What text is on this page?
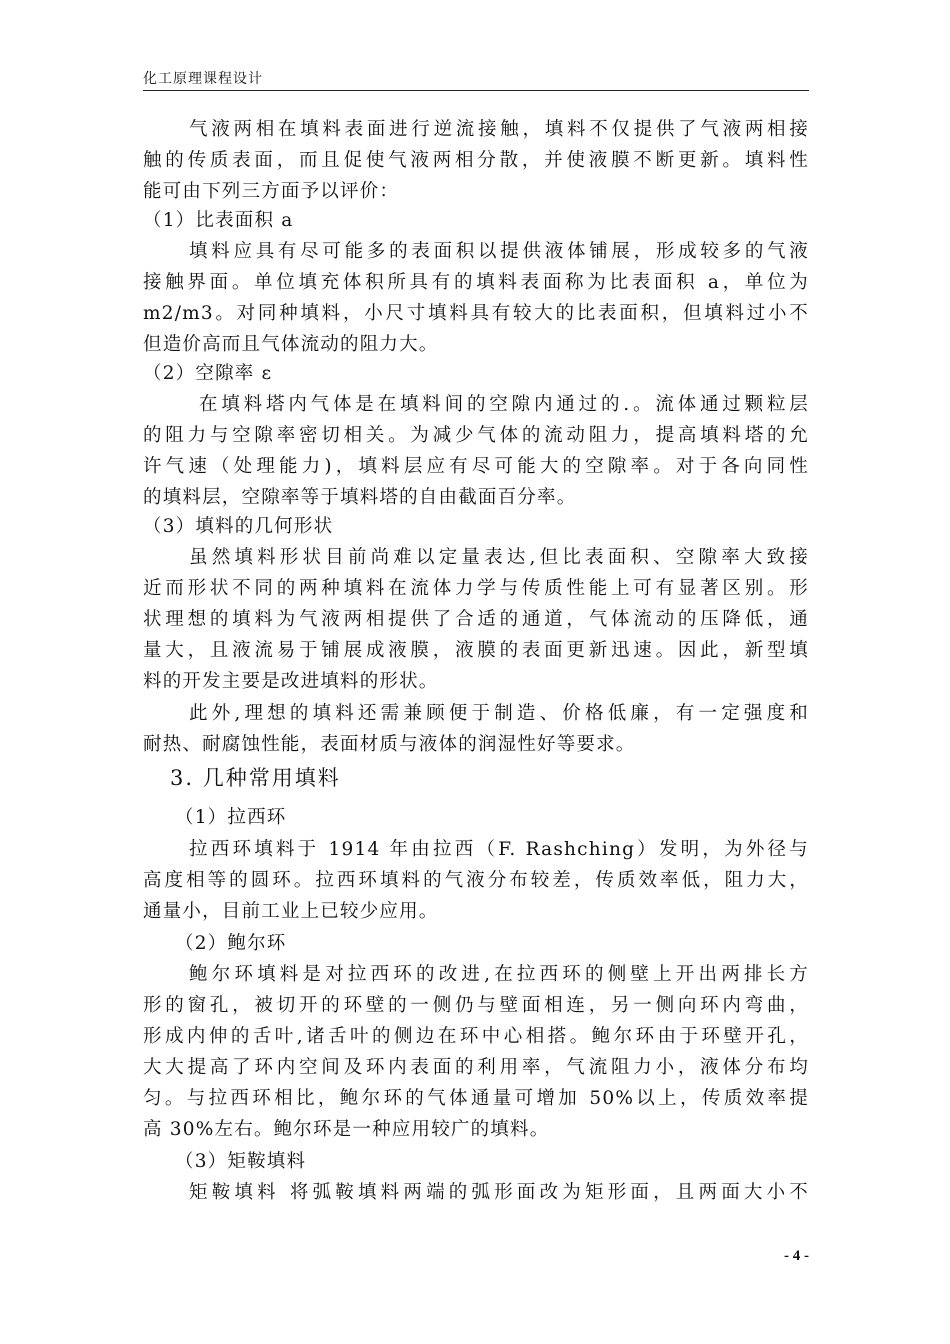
化工原理课程设计
气液两相在填料表面进行逆流接触，填料不仅提供了气液两相接
触的传质表面，而且促使气液两相分散，并使液膜不断更新。填料性
能可由下列三方面予以评价：
（1）比表面积 a
填料应具有尽可能多的表面积以提供液体铺展，形成较多的气液
接触界面。单位填充体积所具有的填料表面称为比表面积 a，单位为
m2/m3。对同种填料，小尺寸填料具有较大的比表面积，但填料过小不
但造价高而且气体流动的阻力大。
（2）空隙率 ε
在填料塔内气体是在填料间的空隙内通过的.。流体通过颗粒层
的阻力与空隙率密切相关。为减少气体的流动阻力，提高填料塔的允
许气速（处理能力)，填料层应有尽可能大的空隙率。对于各向同性
的填料层，空隙率等于填料塔的自由截面百分率。
（3）填料的几何形状
虽然填料形状目前尚难以定量表达,但比表面积、空隙率大致接
近而形状不同的两种填料在流体力学与传质性能上可有显著区别。形
状理想的填料为气液两相提供了合适的通道，气体流动的压降低，通
量大，且液流易于铺展成液膜，液膜的表面更新迅速。因此，新型填
料的开发主要是改进填料的形状。
此外,理想的填料还需兼顾便于制造、价格低廉，有一定强度和
耐热、耐腐蚀性能，表面材质与液体的润湿性好等要求。
3. 几种常用填料
（1）拉西环
拉西环填料于 1914 年由拉西（F. Rashching）发明，为外径与
高度相等的圆环。拉西环填料的气液分布较差，传质效率低，阻力大，
通量小，目前工业上已较少应用。
（2）鲍尔环
鲍尔环填料是对拉西环的改进,在拉西环的侧壁上开出两排长方
形的窗孔，被切开的环壁的一侧仍与壁面相连，另一侧向环内弯曲，
形成内伸的舌叶,诸舌叶的侧边在环中心相搭。鲍尔环由于环壁开孔，
大大提高了环内空间及环内表面的利用率，气流阻力小，液体分布均
匀。与拉西环相比，鲍尔环的气体通量可增加 50%以上，传质效率提
高 30%左右。鲍尔环是一种应用较广的填料。
（3）矩鞍填料
矩鞍填料 将弧鞍填料两端的弧形面改为矩形面，且两面大小不
- 4 -
